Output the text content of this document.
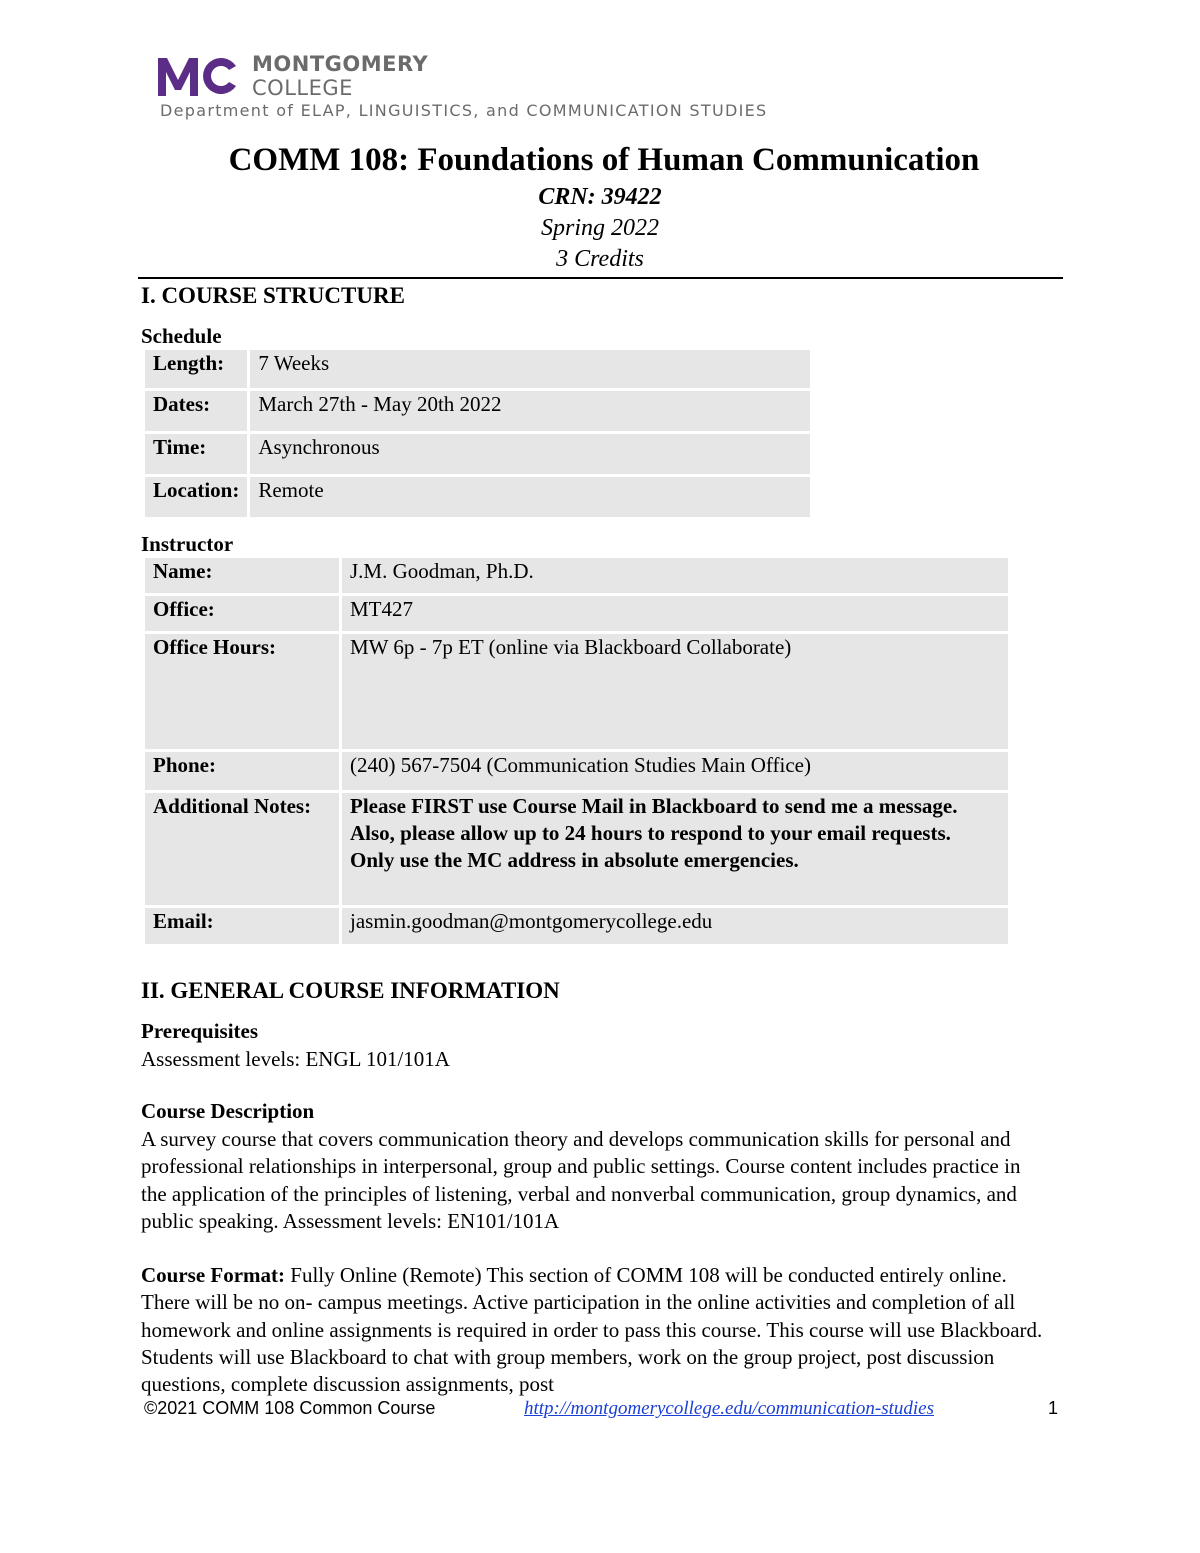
MONTGOMERY
COLLEGE
Department of ELAP, LINGUISTICS, and COMMUNICATION STUDIES
COMM 108: Foundations of Human Communication
CRN: 39422
Spring 2022
3 Credits
I. COURSE STRUCTURE
Schedule
Length:	7 Weeks
Dates:	March 27th - May 20th 2022
Time:	Asynchronous
Location:	Remote
Instructor
Name:	J.M. Goodman, Ph.D.
Office:	MT427
Office Hours:	MW 6p - 7p ET (online via Blackboard Collaborate)
Phone:	(240) 567-7504 (Communication Studies Main Office)
Additional Notes:	Please FIRST use Course Mail in Blackboard to send me a message. Also, please allow up to 24 hours to respond to your email requests. Only use the MC address in absolute emergencies.
Email:	jasmin.goodman@montgomerycollege.edu
II. GENERAL COURSE INFORMATION
Prerequisites
Assessment levels: ENGL 101/101A
Course Description
A survey course that covers communication theory and develops communication skills for personal and professional relationships in interpersonal, group and public settings. Course content includes practice in the application of the principles of listening, verbal and nonverbal communication, group dynamics, and public speaking. Assessment levels: EN101/101A
Course Format: Fully Online (Remote) This section of COMM 108 will be conducted entirely online. There will be no on- campus meetings. Active participation in the online activities and completion of all homework and online assignments is required in order to pass this course. This course will use Blackboard. Students will use Blackboard to chat with group members, work on the group project, post discussion questions, complete discussion assignments, post
©2021 COMM 108 Common Course	http://montgomerycollege.edu/communication-studies	1
